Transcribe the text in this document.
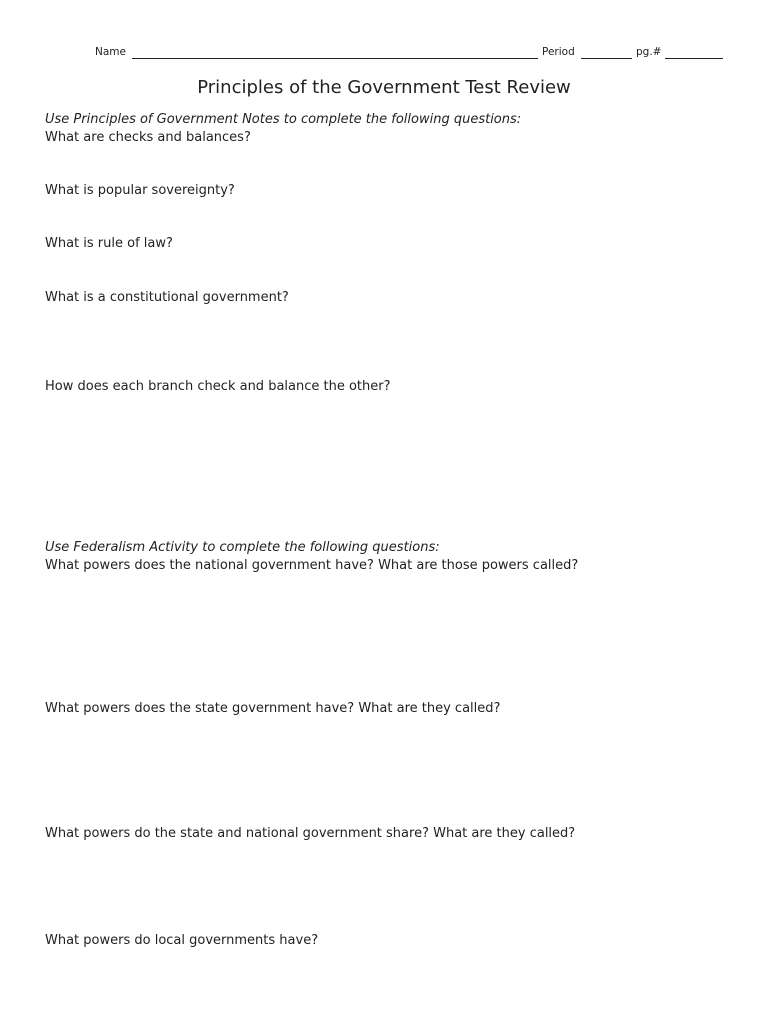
Name	Period	pg.#
Principles of the Government Test Review
Use Principles of Government Notes to complete the following questions:
What are checks and balances?
What is popular sovereignty?
What is rule of law?
What is a constitutional government?
How does each branch check and balance the other?
Use Federalism Activity to complete the following questions:
What powers does the national government have? What are those powers called?
What powers does the state government have? What are they called?
What powers do the state and national government share? What are they called?
What powers do local governments have?
